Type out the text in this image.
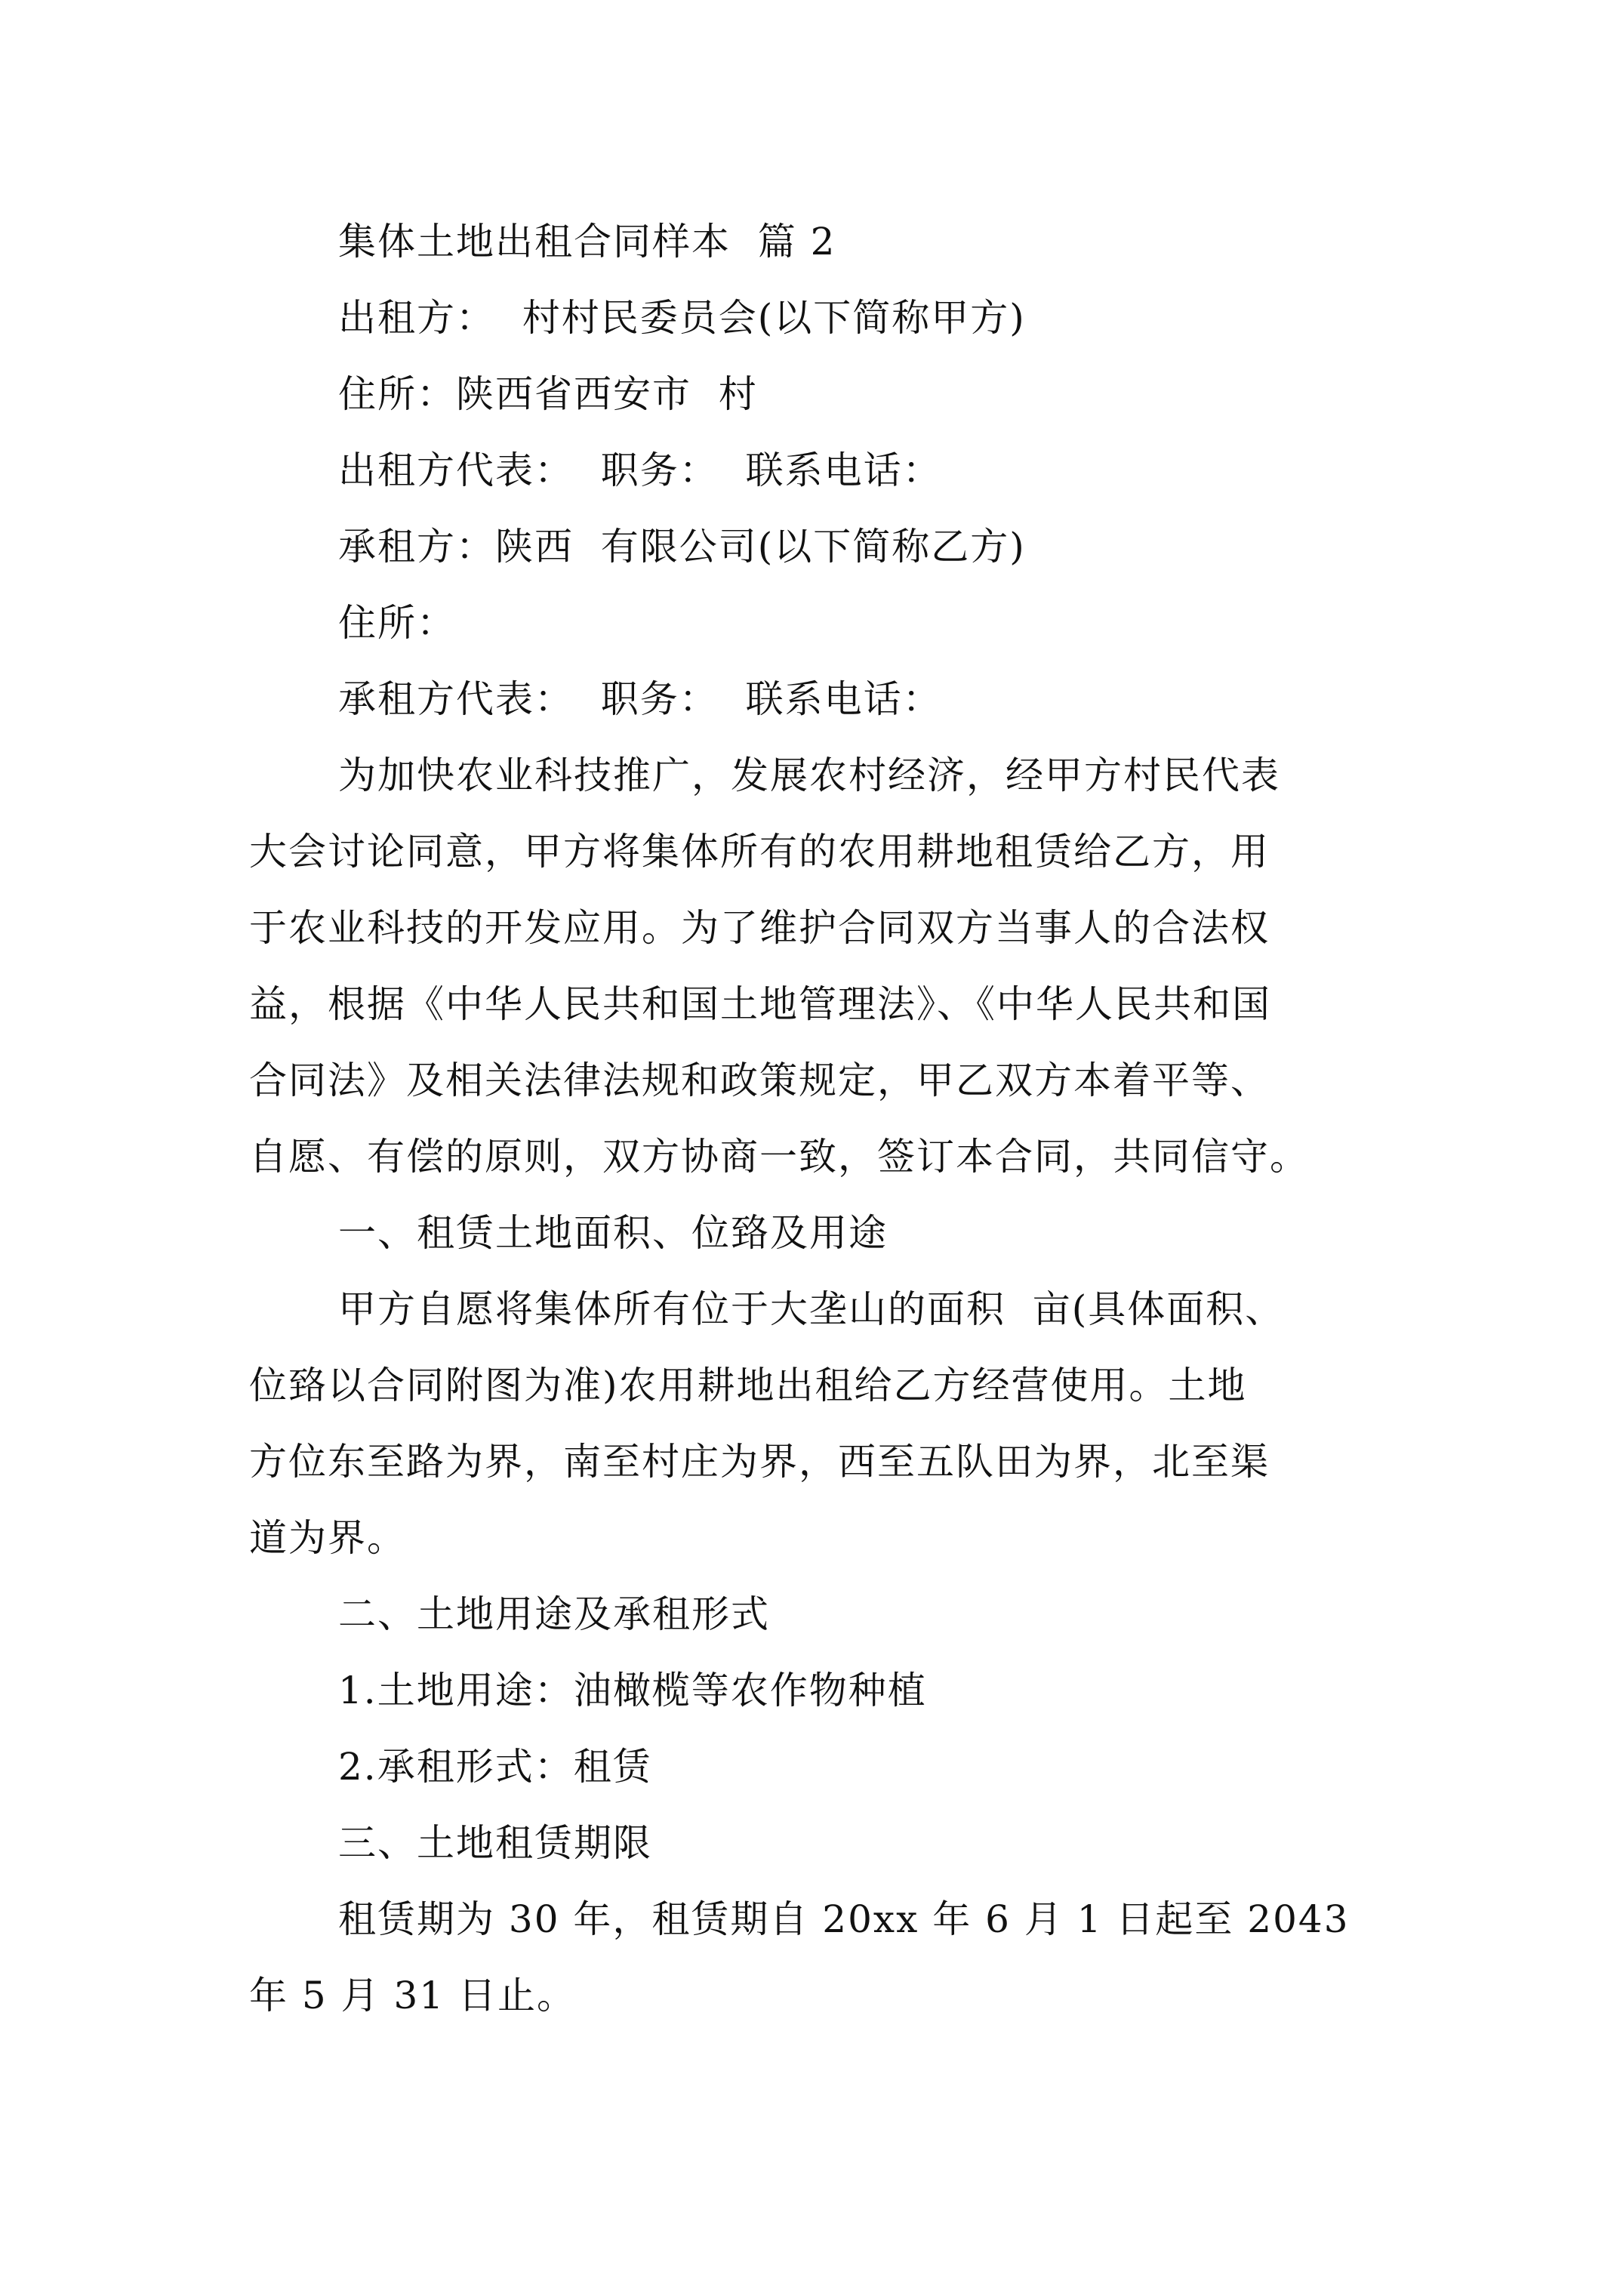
集体土地出租合同样本  篇 2

出租方：  村村民委员会(以下简称甲方)

住所：陕西省西安市  村

出租方代表：  职务：  联系电话：

承租方：陕西  有限公司(以下简称乙方)

住所：

承租方代表：  职务：  联系电话：

为加快农业科技推广，发展农村经济，经甲方村民代表

大会讨论同意，甲方将集体所有的农用耕地租赁给乙方，用

于农业科技的开发应用。为了维护合同双方当事人的合法权

益，根据《中华人民共和国土地管理法》、《中华人民共和国

合同法》及相关法律法规和政策规定，甲乙双方本着平等、

自愿、有偿的原则，双方协商一致，签订本合同，共同信守。

一、租赁土地面积、位臵及用途

甲方自愿将集体所有位于大垄山的面积  亩(具体面积、

位臵以合同附图为准)农用耕地出租给乙方经营使用。土地

方位东至路为界，南至村庄为界，西至五队田为界，北至渠

道为界。

二、土地用途及承租形式

1.土地用途：油橄榄等农作物种植

2.承租形式：租赁

三、土地租赁期限

租赁期为 30 年，租赁期自 20xx 年 6 月 1 日起至 2043

年 5 月 31 日止。
